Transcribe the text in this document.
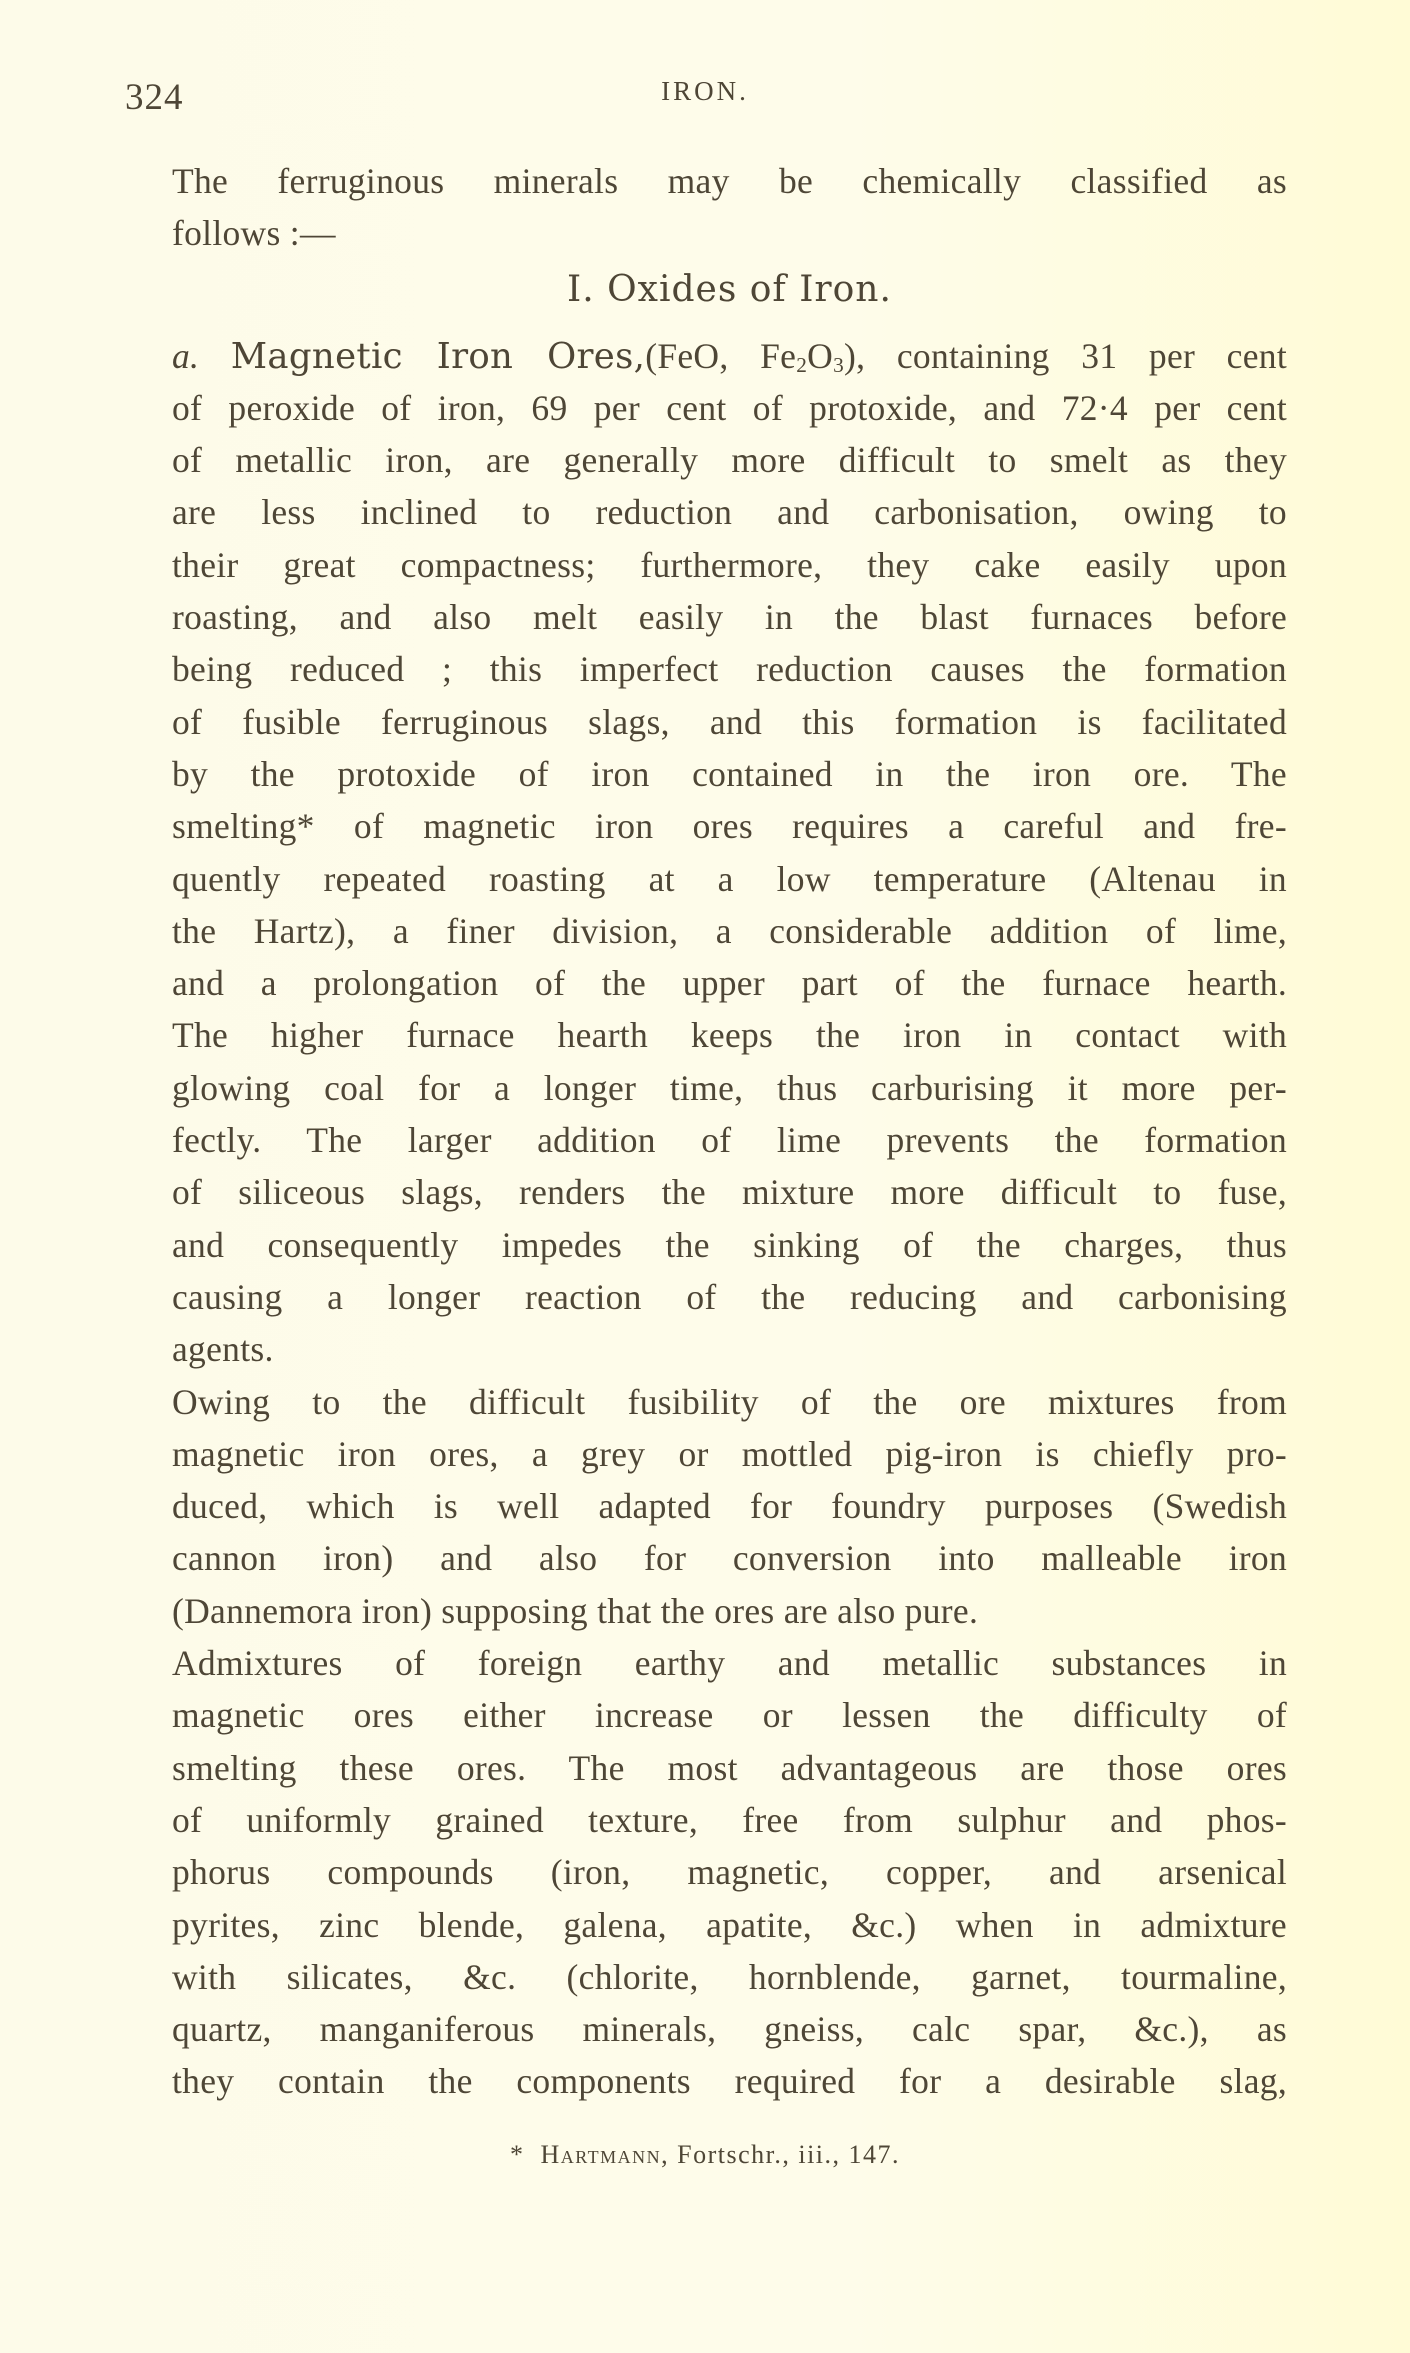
324	IRON.
The ferruginous minerals may be chemically classified as
follows :—
I. Oxides of Iron.
a. Magnetic Iron Ores,(FeO, $Fe_2O_3$), containing 31 per cent
of peroxide of iron, 69 per cent of protoxide, and 72·4 per cent
of metallic iron, are generally more difficult to smelt as they
are less inclined to reduction and carbonisation, owing to
their great compactness; furthermore, they cake easily upon
roasting, and also melt easily in the blast furnaces before
being reduced ; this imperfect reduction causes the formation
of fusible ferruginous slags, and this formation is facilitated
by the protoxide of iron contained in the iron ore. The
smelting* of magnetic iron ores requires a careful and fre-
quently repeated roasting at a low temperature (Altenau in
the Hartz), a finer division, a considerable addition of lime,
and a prolongation of the upper part of the furnace hearth.
The higher furnace hearth keeps the iron in contact with
glowing coal for a longer time, thus carburising it more per-
fectly. The larger addition of lime prevents the formation
of siliceous slags, renders the mixture more difficult to fuse,
and consequently impedes the sinking of the charges, thus
causing a longer reaction of the reducing and carbonising
agents.
Owing to the difficult fusibility of the ore mixtures from
magnetic iron ores, a grey or mottled pig-iron is chiefly pro-
duced, which is well adapted for foundry purposes (Swedish
cannon iron) and also for conversion into malleable iron
(Dannemora iron) supposing that the ores are also pure.
Admixtures of foreign earthy and metallic substances in
magnetic ores either increase or lessen the difficulty of
smelting these ores. The most advantageous are those ores
of uniformly grained texture, free from sulphur and phos-
phorus compounds (iron, magnetic, copper, and arsenical
pyrites, zinc blende, galena, apatite, &c.) when in admixture
with silicates, &c. (chlorite, hornblende, garnet, tourmaline,
quartz, manganiferous minerals, gneiss, calc spar, &c.), as
they contain the components required for a desirable slag,
* Hartmann, Fortschr., iii., 147.
